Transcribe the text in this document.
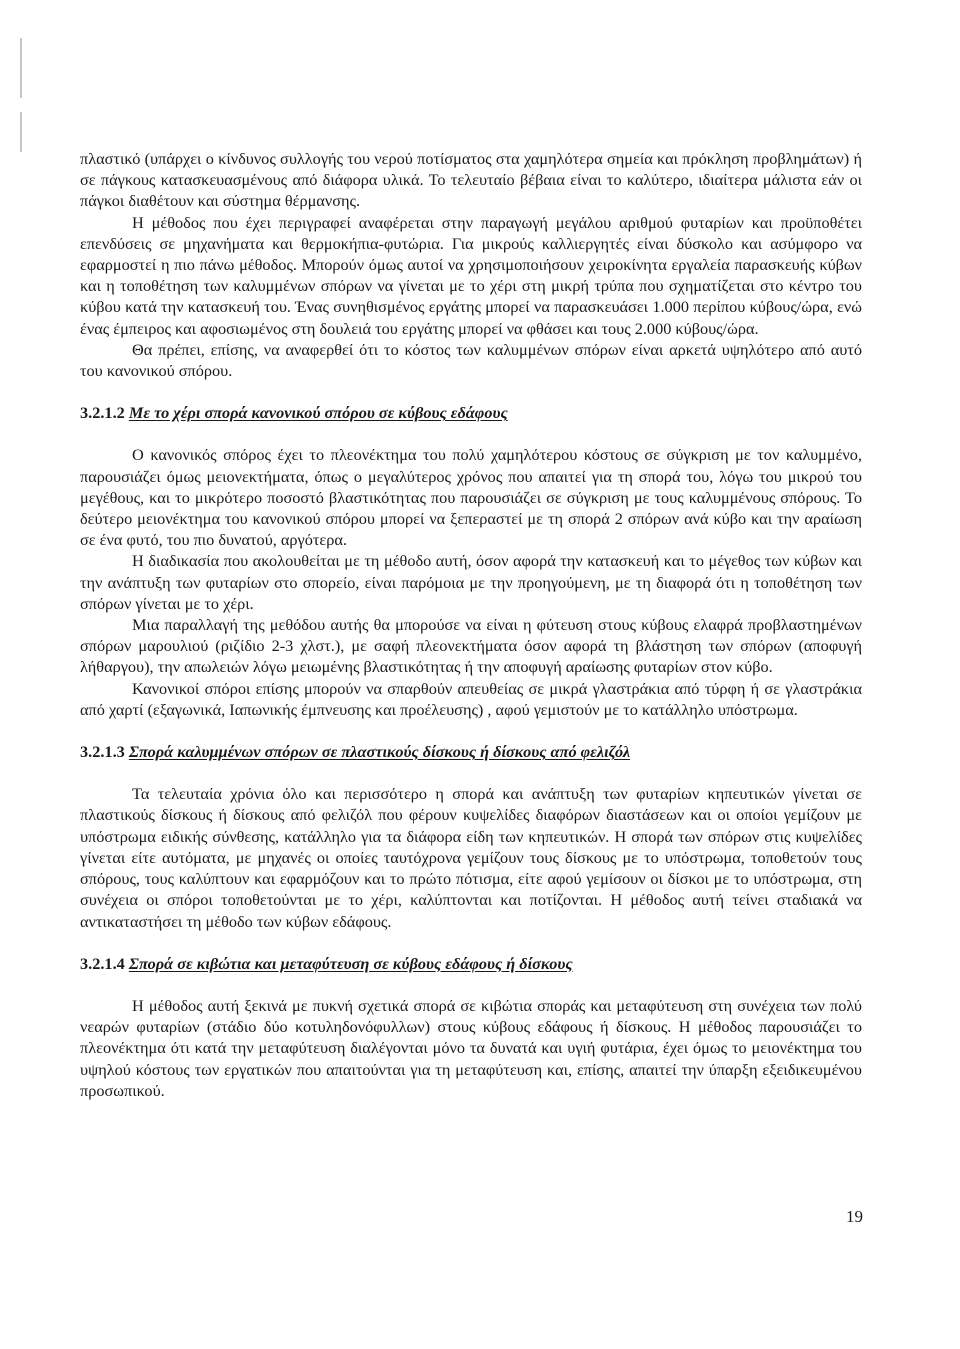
πλαστικό (υπάρχει ο κίνδυνος συλλογής του νερού ποτίσματος στα χαμηλότερα σημεία και πρόκληση προβλημάτων) ή σε πάγκους κατασκευασμένους από διάφορα υλικά. Το τελευταίο βέβαια είναι το καλύτερο, ιδιαίτερα μάλιστα εάν οι πάγκοι διαθέτουν και σύστημα θέρμανσης.

Η μέθοδος που έχει περιγραφεί αναφέρεται στην παραγωγή μεγάλου αριθμού φυταρίων και προϋποθέτει επενδύσεις σε μηχανήματα και θερμοκήπια-φυτώρια. Για μικρούς καλλιεργητές είναι δύσκολο και ασύμφορο να εφαρμοστεί η πιο πάνω μέθοδος. Μπορούν όμως αυτοί να χρησιμοποιήσουν χειροκίνητα εργαλεία παρασκευής κύβων και η τοποθέτηση των καλυμμένων σπόρων να γίνεται με το χέρι στη μικρή τρύπα που σχηματίζεται στο κέντρο του κύβου κατά την κατασκευή του. Ένας συνηθισμένος εργάτης μπορεί να παρασκευάσει 1.000 περίπου κύβους/ώρα, ενώ ένας έμπειρος και αφοσιωμένος στη δουλειά του εργάτης μπορεί να φθάσει και τους 2.000 κύβους/ώρα.

Θα πρέπει, επίσης, να αναφερθεί ότι το κόστος των καλυμμένων σπόρων είναι αρκετά υψηλότερο από αυτό του κανονικού σπόρου.

3.2.1.2 Με το χέρι σπορά κανονικού σπόρου σε κύβους εδάφους

Ο κανονικός σπόρος έχει το πλεονέκτημα του πολύ χαμηλότερου κόστους σε σύγκριση με τον καλυμμένο, παρουσιάζει όμως μειονεκτήματα, όπως ο μεγαλύτερος χρόνος που απαιτεί για τη σπορά του, λόγω του μικρού του μεγέθους, και το μικρότερο ποσοστό βλαστικότητας που παρουσιάζει σε σύγκριση με τους καλυμμένους σπόρους. Το δεύτερο μειονέκτημα του κανονικού σπόρου μπορεί να ξεπεραστεί με τη σπορά 2 σπόρων ανά κύβο και την αραίωση σε ένα φυτό, του πιο δυνατού, αργότερα.

Η διαδικασία που ακολουθείται με τη μέθοδο αυτή, όσον αφορά την κατασκευή και το μέγεθος των κύβων και την ανάπτυξη των φυταρίων στο σπορείο, είναι παρόμοια με την προηγούμενη, με τη διαφορά ότι η τοποθέτηση των σπόρων γίνεται με το χέρι.

Μια παραλλαγή της μεθόδου αυτής θα μπορούσε να είναι η φύτευση στους κύβους ελαφρά προβλαστημένων σπόρων μαρουλιού (ριζίδιο 2-3 χλστ.), με σαφή πλεονεκτήματα όσον αφορά τη βλάστηση των σπόρων (αποφυγή λήθαργου), την απωλειών λόγω μειωμένης βλαστικότητας ή την αποφυγή αραίωσης φυταρίων στον κύβο.

Κανονικοί σπόροι επίσης μπορούν να σπαρθούν απευθείας σε μικρά γλαστράκια από τύρφη ή σε γλαστράκια από χαρτί (εξαγωνικά, Ιαπωνικής έμπνευσης και προέλευσης) , αφού γεμιστούν με το κατάλληλο υπόστρωμα.

3.2.1.3 Σπορά καλυμμένων σπόρων σε πλαστικούς δίσκους ή δίσκους από φελιζόλ

Τα τελευταία χρόνια όλο και περισσότερο η σπορά και ανάπτυξη των φυταρίων κηπευτικών γίνεται σε πλαστικούς δίσκους ή δίσκους από φελιζόλ που φέρουν κυψελίδες διαφόρων διαστάσεων και οι οποίοι γεμίζουν με υπόστρωμα ειδικής σύνθεσης, κατάλληλο για τα διάφορα είδη των κηπευτικών. Η σπορά των σπόρων στις κυψελίδες γίνεται είτε αυτόματα, με μηχανές οι οποίες ταυτόχρονα γεμίζουν τους δίσκους με το υπόστρωμα, τοποθετούν τους σπόρους, τους καλύπτουν και εφαρμόζουν και το πρώτο πότισμα, είτε αφού γεμίσουν οι δίσκοι με το υπόστρωμα, στη συνέχεια οι σπόροι τοποθετούνται με το χέρι, καλύπτονται και ποτίζονται. Η μέθοδος αυτή τείνει σταδιακά να αντικαταστήσει τη μέθοδο των κύβων εδάφους.

3.2.1.4 Σπορά σε κιβώτια και μεταφύτευση σε κύβους εδάφους ή δίσκους

Η μέθοδος αυτή ξεκινά με πυκνή σχετικά σπορά σε κιβώτια σποράς και μεταφύτευση στη συνέχεια των πολύ νεαρών φυταρίων (στάδιο δύο κοτυληδονόφυλλων) στους κύβους εδάφους ή δίσκους. Η μέθοδος παρουσιάζει το πλεονέκτημα ότι κατά την μεταφύτευση διαλέγονται μόνο τα δυνατά και υγιή φυτάρια, έχει όμως το μειονέκτημα του υψηλού κόστους των εργατικών που απαιτούνται για τη μεταφύτευση και, επίσης, απαιτεί την ύπαρξη εξειδικευμένου προσωπικού.

19
